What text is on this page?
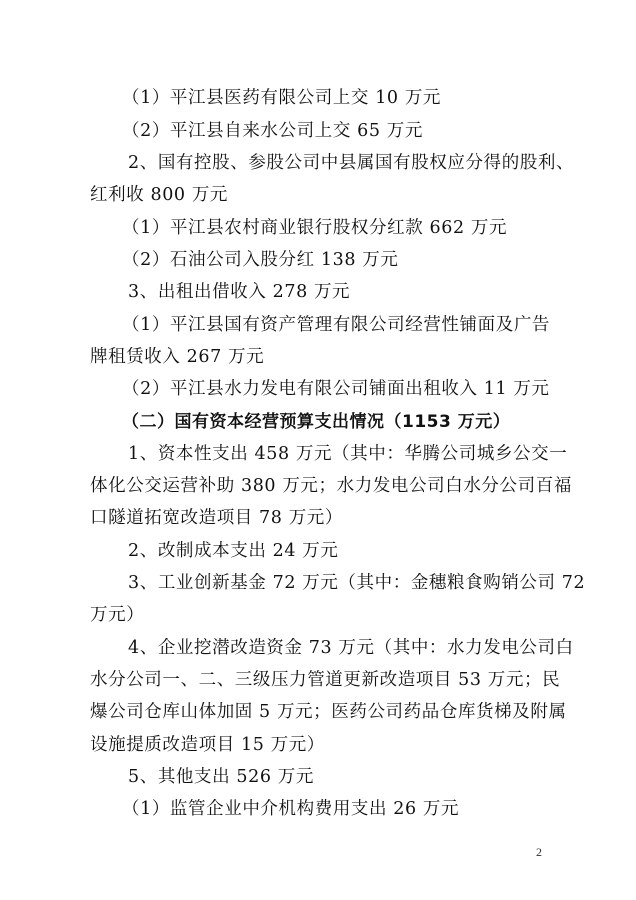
（1）平江县医药有限公司上交 10 万元
（2）平江县自来水公司上交 65 万元
2、国有控股、参股公司中县属国有股权应分得的股利、
红利收 800 万元
（1）平江县农村商业银行股权分红款 662 万元
（2）石油公司入股分红 138 万元
3、出租出借收入 278 万元
（1）平江县国有资产管理有限公司经营性铺面及广告
牌租赁收入 267 万元
（2）平江县水力发电有限公司铺面出租收入 11 万元
（二）国有资本经营预算支出情况（1153 万元）
1、资本性支出 458 万元（其中：华腾公司城乡公交一
体化公交运营补助 380 万元；水力发电公司白水分公司百福
口隧道拓宽改造项目 78 万元）
2、改制成本支出 24 万元
3、工业创新基金 72 万元（其中：金穗粮食购销公司 72
万元）
4、企业挖潜改造资金 73 万元（其中：水力发电公司白
水分公司一、二、三级压力管道更新改造项目 53 万元；民
爆公司仓库山体加固 5 万元；医药公司药品仓库货梯及附属
设施提质改造项目 15 万元）
5、其他支出 526 万元
（1）监管企业中介机构费用支出 26 万元
2
